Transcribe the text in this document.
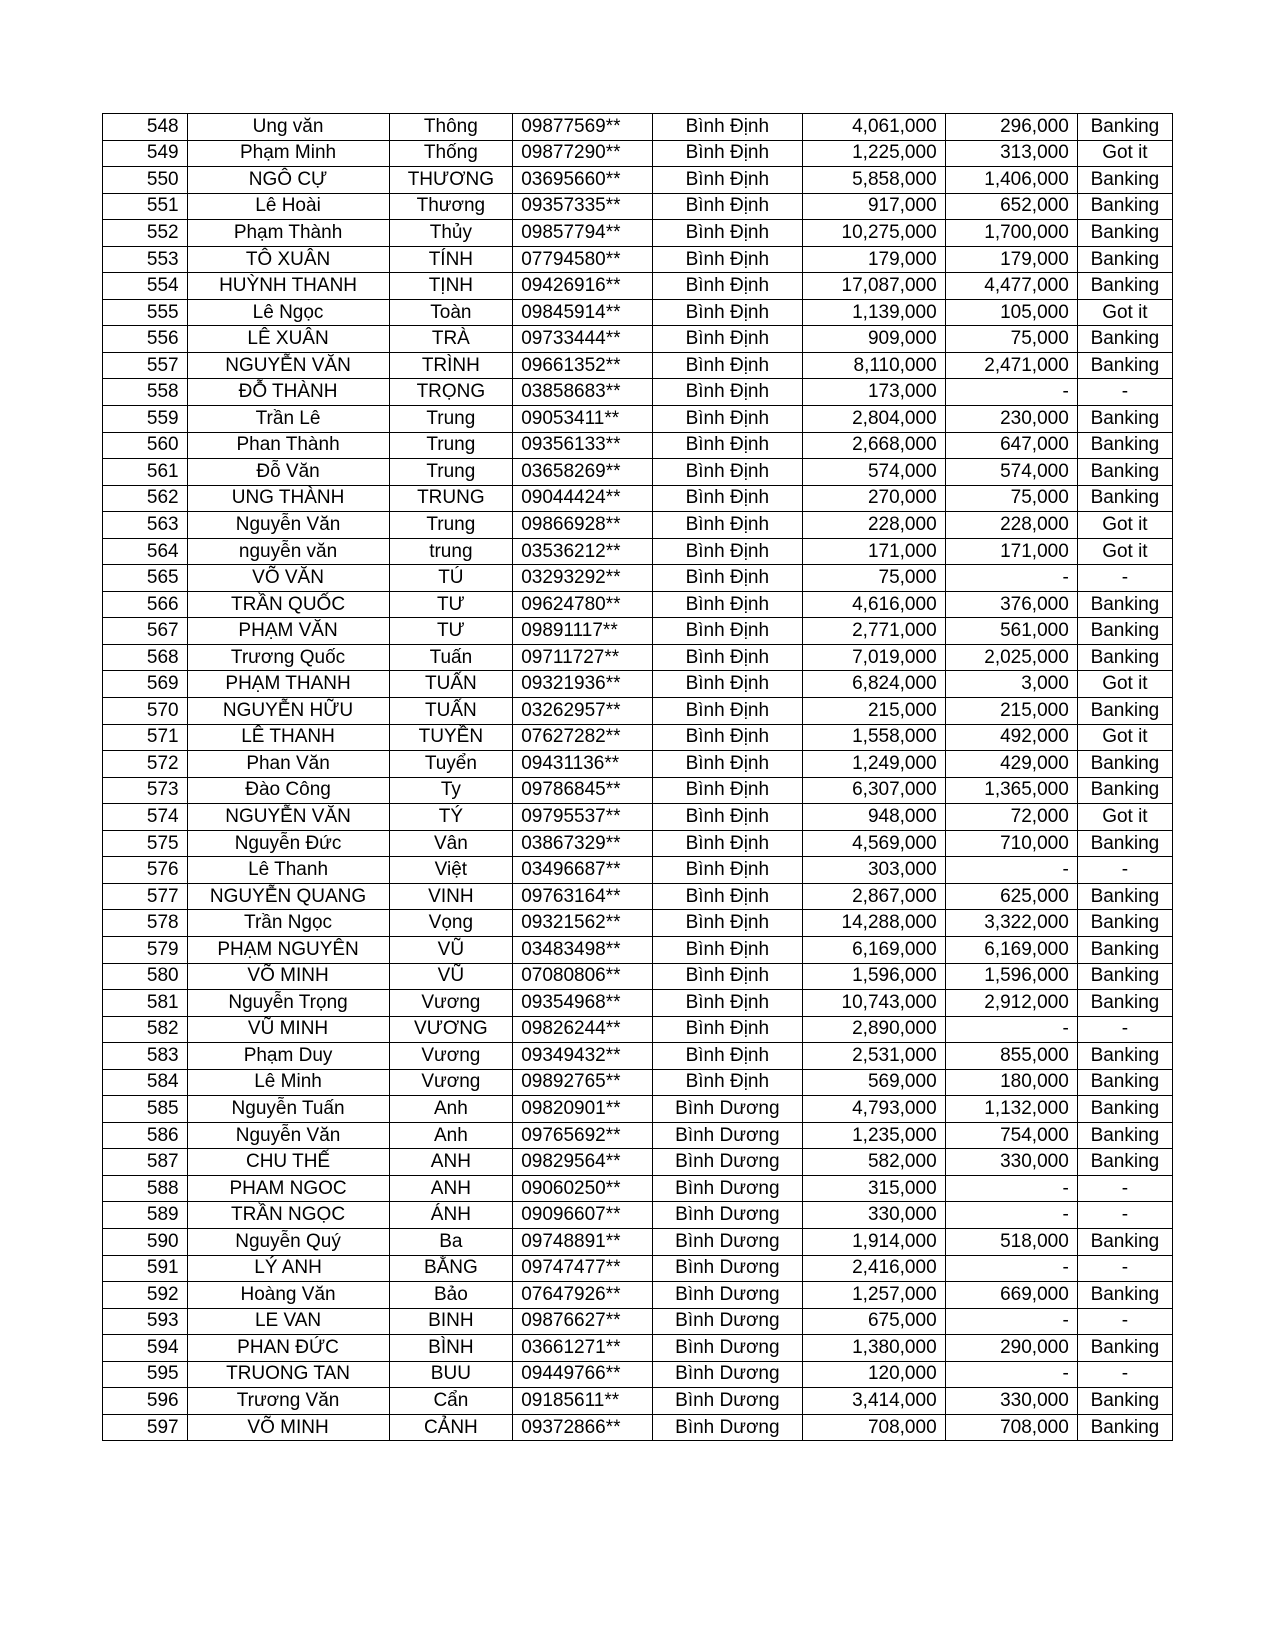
548	Ung văn	Thông	09877569**	Bình Định	4,061,000	296,000	Banking
549	Phạm Minh	Thống	09877290**	Bình Định	1,225,000	313,000	Got it
550	NGÔ CỰ	THƯƠNG	03695660**	Bình Định	5,858,000	1,406,000	Banking
551	Lê Hoài	Thương	09357335**	Bình Định	917,000	652,000	Banking
552	Phạm Thành	Thủy	09857794**	Bình Định	10,275,000	1,700,000	Banking
553	TÔ XUÂN	TÍNH	07794580**	Bình Định	179,000	179,000	Banking
554	HUỲNH THANH	TỊNH	09426916**	Bình Định	17,087,000	4,477,000	Banking
555	Lê Ngọc	Toàn	09845914**	Bình Định	1,139,000	105,000	Got it
556	LÊ XUÂN	TRÀ	09733444**	Bình Định	909,000	75,000	Banking
557	NGUYỄN VĂN	TRÌNH	09661352**	Bình Định	8,110,000	2,471,000	Banking
558	ĐỖ THÀNH	TRỌNG	03858683**	Bình Định	173,000	-	-
559	Trần Lê	Trung	09053411**	Bình Định	2,804,000	230,000	Banking
560	Phan Thành	Trung	09356133**	Bình Định	2,668,000	647,000	Banking
561	Đỗ Văn	Trung	03658269**	Bình Định	574,000	574,000	Banking
562	UNG THÀNH	TRUNG	09044424**	Bình Định	270,000	75,000	Banking
563	Nguyễn Văn	Trung	09866928**	Bình Định	228,000	228,000	Got it
564	nguyễn văn	trung	03536212**	Bình Định	171,000	171,000	Got it
565	VÕ VĂN	TÚ	03293292**	Bình Định	75,000	-	-
566	TRẦN QUỐC	TƯ	09624780**	Bình Định	4,616,000	376,000	Banking
567	PHẠM VĂN	TƯ	09891117**	Bình Định	2,771,000	561,000	Banking
568	Trương Quốc	Tuấn	09711727**	Bình Định	7,019,000	2,025,000	Banking
569	PHẠM THANH	TUẤN	09321936**	Bình Định	6,824,000	3,000	Got it
570	NGUYỄN HỮU	TUẤN	03262957**	Bình Định	215,000	215,000	Banking
571	LÊ THANH	TUYỀN	07627282**	Bình Định	1,558,000	492,000	Got it
572	Phan Văn	Tuyển	09431136**	Bình Định	1,249,000	429,000	Banking
573	Đào Công	Ty	09786845**	Bình Định	6,307,000	1,365,000	Banking
574	NGUYỄN VĂN	TÝ	09795537**	Bình Định	948,000	72,000	Got it
575	Nguyễn Đức	Vân	03867329**	Bình Định	4,569,000	710,000	Banking
576	Lê Thanh	Việt	03496687**	Bình Định	303,000	-	-
577	NGUYỄN QUANG	VINH	09763164**	Bình Định	2,867,000	625,000	Banking
578	Trần Ngọc	Vọng	09321562**	Bình Định	14,288,000	3,322,000	Banking
579	PHẠM NGUYÊN	VŨ	03483498**	Bình Định	6,169,000	6,169,000	Banking
580	VÕ MINH	VŨ	07080806**	Bình Định	1,596,000	1,596,000	Banking
581	Nguyễn Trọng	Vương	09354968**	Bình Định	10,743,000	2,912,000	Banking
582	VŨ MINH	VƯƠNG	09826244**	Bình Định	2,890,000	-	-
583	Phạm Duy	Vương	09349432**	Bình Định	2,531,000	855,000	Banking
584	Lê Minh	Vương	09892765**	Bình Định	569,000	180,000	Banking
585	Nguyễn Tuấn	Anh	09820901**	Bình Dương	4,793,000	1,132,000	Banking
586	Nguyễn Văn	Anh	09765692**	Bình Dương	1,235,000	754,000	Banking
587	CHU THẾ	ANH	09829564**	Bình Dương	582,000	330,000	Banking
588	PHAM NGOC	ANH	09060250**	Bình Dương	315,000	-	-
589	TRẦN NGỌC	ÁNH	09096607**	Bình Dương	330,000	-	-
590	Nguyễn Quý	Ba	09748891**	Bình Dương	1,914,000	518,000	Banking
591	LÝ ANH	BẰNG	09747477**	Bình Dương	2,416,000	-	-
592	Hoàng Văn	Bảo	07647926**	Bình Dương	1,257,000	669,000	Banking
593	LE VAN	BINH	09876627**	Bình Dương	675,000	-	-
594	PHAN ĐỨC	BÌNH	03661271**	Bình Dương	1,380,000	290,000	Banking
595	TRUONG TAN	BUU	09449766**	Bình Dương	120,000	-	-
596	Trương Văn	Cẩn	09185611**	Bình Dương	3,414,000	330,000	Banking
597	VÕ MINH	CẢNH	09372866**	Bình Dương	708,000	708,000	Banking
